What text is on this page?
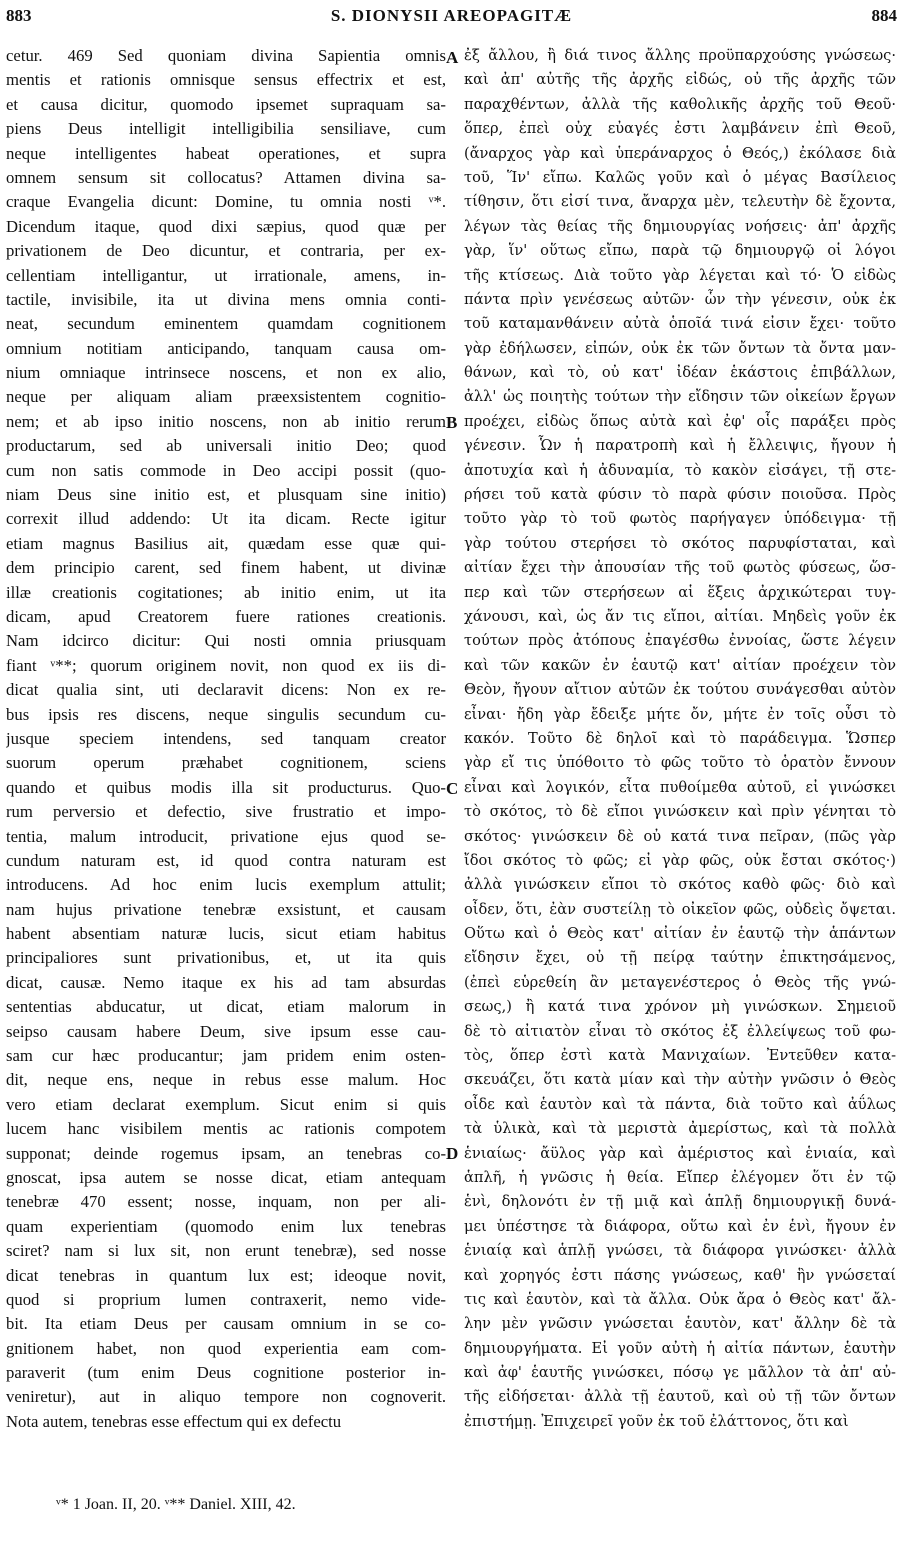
883	S. DIONYSII AREOPAGITÆ	884
cetur. 469 Sed quoniam divina Sapientia omnis
mentis et rationis omnisque sensus effectrix et est,
et causa dicitur, quomodo ipsemet supraquam sa-
piens Deus intelligit intelligibilia sensiliave, cum
neque intelligentes habeat operationes, et supra
omnem sensum sit collocatus? Attamen divina sa-
craque Evangelia dicunt: Domine, tu omnia nosti ᵛ*.
Dicendum itaque, quod dixi sæpius, quod quæ per
privationem de Deo dicuntur, et contraria, per ex-
cellentiam intelligantur, ut irrationale, amens, in-
tactile, invisibile, ita ut divina mens omnia conti-
neat, secundum eminentem quamdam cognitionem
omnium notitiam anticipando, tanquam causa om-
nium omniaque intrinsece noscens, et non ex alio,
neque per aliquam aliam præexsistentem cognitio-
nem; et ab ipso initio noscens, non ab initio rerum
productarum, sed ab universali initio Deo; quod
cum non satis commode in Deo accipi possit (quo-
niam Deus sine initio est, et plusquam sine initio)
correxit illud addendo: Ut ita dicam. Recte igitur
etiam magnus Basilius ait, quædam esse quæ qui-
dem principio carent, sed finem habent, ut divinæ
illæ creationis cogitationes; ab initio enim, ut ita
dicam, apud Creatorem fuere rationes creationis.
Nam idcirco dicitur: Qui nosti omnia priusquam
fiant ᵛ**; quorum originem novit, non quod ex iis di-
dicat qualia sint, uti declaravit dicens: Non ex re-
bus ipsis res discens, neque singulis secundum cu-
jusque speciem intendens, sed tanquam creator
suorum operum præhabet cognitionem, sciens
quando et quibus modis illa sit producturus. Quo-
rum perversio et defectio, sive frustratio et impo-
tentia, malum introducit, privatione ejus quod se-
cundum naturam est, id quod contra naturam est
introducens. Ad hoc enim lucis exemplum attulit;
nam hujus privatione tenebræ exsistunt, et causam
habent absentiam naturæ lucis, sicut etiam habitus
principaliores sunt privationibus, et, ut ita quis
dicat, causæ. Nemo itaque ex his ad tam absurdas
sententias abducatur, ut dicat, etiam malorum in
seipso causam habere Deum, sive ipsum esse cau-
sam cur hæc producantur; jam pridem enim osten-
dit, neque ens, neque in rebus esse malum. Hoc
vero etiam declarat exemplum. Sicut enim si quis
lucem hanc visibilem mentis ac rationis compotem
supponat; deinde rogemus ipsam, an tenebras co-
gnoscat, ipsa autem se nosse dicat, etiam antequam
tenebræ 470 essent; nosse, inquam, non per ali-
quam experientiam (quomodo enim lux tenebras
sciret? nam si lux sit, non erunt tenebræ), sed nosse
dicat tenebras in quantum lux est; ideoque novit,
quod si proprium lumen contraxerit, nemo vide-
bit. Ita etiam Deus per causam omnium in se co-
gnitionem habet, non quod experientia eam com-
paraverit (tum enim Deus cognitione posterior in-
veniretur), aut in aliquo tempore non cognoverit.
Nota autem, tenebras esse effectum qui ex defectu
A
B
C
D
ἐξ ἄλλου, ἢ διά τινος ἄλλης προϋπαρχούσης γνώσεως·
καὶ ἀπ' αὐτῆς τῆς ἀρχῆς εἰδώς, οὐ τῆς ἀρχῆς τῶν
παραχθέντων, ἀλλὰ τῆς καθολικῆς ἀρχῆς τοῦ Θεοῦ·
ὅπερ, ἐπεὶ οὐχ εὐαγές ἐστι λαμβάνειν ἐπὶ Θεοῦ,
(ἄναρχος γὰρ καὶ ὑπεράναρχος ὁ Θεός,) ἐκόλασε διὰ
τοῦ, Ἵν' εἴπω. Καλῶς γοῦν καὶ ὁ μέγας Βασίλειος
τίθησιν, ὅτι εἰσί τινα, ἄναρχα μὲν, τελευτὴν δὲ ἔχοντα,
λέγων τὰς θείας τῆς δημιουργίας νοήσεις· ἀπ' ἀρχῆς
γὰρ, ἵν' οὕτως εἴπω, παρὰ τῷ δημιουργῷ οἱ λόγοι
τῆς κτίσεως. Διὰ τοῦτο γὰρ λέγεται καὶ τό· Ὁ εἰδὼς
πάντα πρὶν γενέσεως αὐτῶν· ὧν τὴν γένεσιν, οὐκ ἐκ
τοῦ καταμανθάνειν αὐτὰ ὁποῖά τινά εἰσιν ἔχει· τοῦτο
γὰρ ἐδήλωσεν, εἰπών, οὐκ ἐκ τῶν ὄντων τὰ ὄντα μαν-
θάνων, καὶ τὸ, οὐ κατ' ἰδέαν ἑκάστοις ἐπιβάλλων,
ἀλλ' ὡς ποιητὴς τούτων τὴν εἴδησιν τῶν οἰκείων ἔργων
προέχει, εἰδὼς ὅπως αὐτὰ καὶ ἐφ' οἷς παράξει πρὸς
γένεσιν. Ὧν ἡ παρατροπὴ καὶ ἡ ἔλλειψις, ἤγουν ἡ
ἀποτυχία καὶ ἡ ἀδυναμία, τὸ κακὸν εἰσάγει, τῇ στε-
ρήσει τοῦ κατὰ φύσιν τὸ παρὰ φύσιν ποιοῦσα. Πρὸς
τοῦτο γὰρ τὸ τοῦ φωτὸς παρήγαγεν ὑπόδειγμα· τῇ
γὰρ τούτου στερήσει τὸ σκότος παρυφίσταται, καὶ
αἰτίαν ἔχει τὴν ἀπουσίαν τῆς τοῦ φωτὸς φύσεως, ὥσ-
περ καὶ τῶν στερήσεων αἱ ἕξεις ἀρχικώτεραι τυγ-
χάνουσι, καὶ, ὡς ἄν τις εἴποι, αἰτίαι. Μηδεὶς γοῦν ἐκ
τούτων πρὸς ἀτόπους ἐπαγέσθω ἐννοίας, ὥστε λέγειν
καὶ τῶν κακῶν ἐν ἑαυτῷ κατ' αἰτίαν προέχειν τὸν
Θεὸν, ἤγουν αἴτιον αὐτῶν ἐκ τούτου συνάγεσθαι αὐτὸν
εἶναι· ἤδη γὰρ ἔδειξε μήτε ὄν, μήτε ἐν τοῖς οὖσι τὸ
κακόν. Τοῦτο δὲ δηλοῖ καὶ τὸ παράδειγμα. Ὥσπερ
γὰρ εἴ τις ὑπόθοιτο τὸ φῶς τοῦτο τὸ ὁρατὸν ἔννουν
εἶναι καὶ λογικόν, εἶτα πυθοίμεθα αὐτοῦ, εἰ γινώσκει
τὸ σκότος, τὸ δὲ εἴποι γινώσκειν καὶ πρὶν γένηται τὸ
σκότος· γινώσκειν δὲ οὐ κατά τινα πεῖραν, (πῶς γὰρ
ἴδοι σκότος τὸ φῶς; εἰ γὰρ φῶς, οὐκ ἔσται σκότος·)
ἀλλὰ γινώσκειν εἴποι τὸ σκότος καθὸ φῶς· διὸ καὶ
οἶδεν, ὅτι, ἐὰν συστείλῃ τὸ οἰκεῖον φῶς, οὐδεὶς ὄψεται.
Οὕτω καὶ ὁ Θεὸς κατ' αἰτίαν ἐν ἑαυτῷ τὴν ἁπάντων
εἴδησιν ἔχει, οὐ τῇ πείρᾳ ταύτην ἐπικτησάμενος,
(ἐπεὶ εὑρεθείη ἂν μεταγενέστερος ὁ Θεὸς τῆς γνώ-
σεως,) ἢ κατά τινα χρόνον μὴ γινώσκων. Σημειοῦ
δὲ τὸ αἰτιατὸν εἶναι τὸ σκότος ἐξ ἐλλείψεως τοῦ φω-
τὸς, ὅπερ ἐστὶ κατὰ Μανιχαίων. Ἐντεῦθεν κατα-
σκευάζει, ὅτι κατὰ μίαν καὶ τὴν αὐτὴν γνῶσιν ὁ Θεὸς
οἶδε καὶ ἑαυτὸν καὶ τὰ πάντα, διὰ τοῦτο καὶ ἀΰλως
τὰ ὑλικὰ, καὶ τὰ μεριστὰ ἀμερίστως, καὶ τὰ πολλὰ
ἑνιαίως· ἄϋλος γὰρ καὶ ἀμέριστος καὶ ἑνιαία, καὶ
ἁπλῆ, ἡ γνῶσις ἡ θεία. Εἴπερ ἐλέγομεν ὅτι ἐν τῷ
ἑνὶ, δηλονότι ἐν τῇ μιᾷ καὶ ἁπλῇ δημιουργικῇ δυνά-
μει ὑπέστησε τὰ διάφορα, οὕτω καὶ ἐν ἑνὶ, ἤγουν ἐν
ἑνιαίᾳ καὶ ἁπλῇ γνώσει, τὰ διάφορα γινώσκει· ἀλλὰ
καὶ χορηγός ἐστι πάσης γνώσεως, καθ' ἣν γνώσεταί
τις καὶ ἑαυτὸν, καὶ τὰ ἄλλα. Οὐκ ἄρα ὁ Θεὸς κατ' ἄλ-
λην μὲν γνῶσιν γνώσεται ἑαυτὸν, κατ' ἄλλην δὲ τὰ
δημιουργήματα. Εἰ γοῦν αὐτὴ ἡ αἰτία πάντων, ἑαυτὴν
καὶ ἀφ' ἑαυτῆς γινώσκει, πόσῳ γε μᾶλλον τὰ ἀπ' αὐ-
τῆς εἰδήσεται· ἀλλὰ τῇ ἑαυτοῦ, καὶ οὐ τῇ τῶν ὄντων
ἐπιστήμῃ. Ἐπιχειρεῖ γοῦν ἐκ τοῦ ἐλάττονος, ὅτι καὶ
ᵛ* 1 Joan. II, 20. ᵛ** Daniel. XIII, 42.
